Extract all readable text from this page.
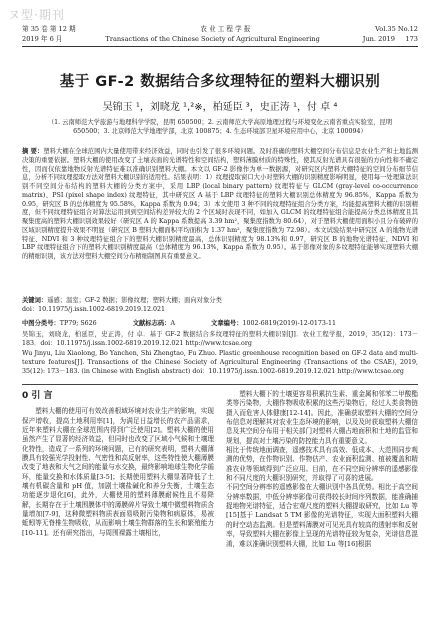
ヌ型·期刊
第 35 卷 第 12 期	农 业 工 程 学 报	Vol.35 No.12
2019 年 6 月	Transactions of the Chinese Society of Agricultural Engineering	Jun. 2019 173
基于 GF-2 数据结合多纹理特征的塑料大棚识别
吴锦玉 ¹，刘晓龙 ¹,²※，柏延臣 ³，史正涛 ¹，付 卓 ⁴
（1. 云南师范大学旅游与地理科学学院，昆明 650500；2. 云南师范大学高原地理过程与环境变化云南省重点实验室，昆明 650500；3. 北京师范大学地理学部，北京 100875；4. 生态环境部卫星环境应用中心，北京 100094）
摘 要：塑料大棚在全球范围内大量使用带来经济效益，同时也引发了很多环境问题。及时准确的塑料大棚空间分布信息是农业生产和土地监测决策的重要依据。塑料大棚的使用改变了土壤表面的光谱特性和空间结构，塑料薄膜材质的特殊性，使其反射光谱具有很强的方向性和不确定性，因而仅依靠地物反射光谱特征难以准确识别塑料大棚。本文以 GF-2 影像作为单一数据源，对研究区内塑料大棚特征的空间分布细节信息，分析不同纹理提取方法对塑料大棚识别的适用性。结果表明：1）纹理提取窗口大小对塑料大棚的识别精度影响明显，使用每一处理算法识别不同空间分布结构的塑料大棚的分类方案中，采用 LBP (local binary pattern) 纹理特征与 GLCM (gray-level co-occurrence matrix)、PSI (pixel shape index) 纹理特征，其中研究区 A 基于 LBP 纹理特征的塑料大棚识别总体精度为 96.85%，Kappa 系数为 0.95，研究区 B 的总体精度为 95.58%，Kappa 系数为 0.94；3）本文使用 3 种不同的纹理特征组合分类方案，均能提高塑料大棚的识别精度，但不同纹理特征组合对算法运用到到空间结构差异较大的 2 个区域时表现不同，如加入 GLCM 的纹理特征组合能提高分类总体精度且其聚集度高的塑料大棚识别效果较好（研究区 A 的 Kappa 系数提高 3.39 hm²，聚集度指数为 80.64），对于塑料大棚使用面积小且分布破碎的区域识别精度提升效果不明显（研究区 B 塑料大棚面积平均面积为 1.37 hm²，聚集度指数为 72.98）。本文试验结果中研究区 A 的地物光谱特征、NDVI 和 3 种纹理特征组合下的塑料大棚识别精度最高，总体识别精度为 98.13%和 0.97，研究区 B 的地物光谱特征、NDVI 和 LBP 纹理特征组合下的塑料大棚识别精度最高（总体精度为 96.13%，Kappa 系数为 0.95）。基于影像对象的多纹理特征能够实现塑料大棚的精细识别，该方法对塑料大棚空间分布精细制图具有重要意义。
关键词：遥感；温室；GF-2 数据；影像纹理；塑料大棚；面向对象分类
doi：10.11975/j.issn.1002-6819.2019.12.021
中图分类号：TP79; S626	文献标志码：A	文章编号：1002-6819(2019)-12-0173-11
吴锦玉，刘晓龙，柏延臣，史正涛，付 卓．基于 GF-2 数据结合多纹理特征的塑料大棚识别[J]．农业工程学报，2019，35(12)：173－183．doi：10.11975/j.issn.1002-6819.2019.12.021 http://www.tcsae.org
Wu Jinyu, Liu Xiaolong, Bo Yanchen, Shi Zhengtao, Fu Zhuo. Plastic greenhouse recognition based on GF-2 data and multi-texture features[J]. Transactions of the Chinese Society of Agricultural Engineering (Transactions of the CSAE), 2019, 35(12): 173－183. (in Chinese with English abstract) doi：10.11975/j.issn.1002-6819.2019.12.021 http://www.tcsae.org
0 引 言

塑料大棚的使用可有效改善根域环境对农业生产的影响，实现保产增收，提高土地利用率[1]，为满足日益增长的农产品需求，近年来塑料大棚在全球范围内得到广泛使用[2]。塑料大棚的使用虽然产生了显著的经济效益，但同时也改变了区域小气候和土壤理化特性，造成了一系列的环境问题，已有的研究表明，塑料大棚薄膜具有较强光学投射性、气密性和高反射率，这些特性使大棚薄膜改变了地表和大气之间的能量与水交换，最终影响地球生物化学循环，能量交换和水体质量[3-5]；长期使用塑料大棚显著降低了土壤有机碳含量和 pH 值，加剧土壤盐碱化和养分失衡，土壤生态功能逐步退化[6]，此外，大棚使用的塑料薄膜耐候性且不易降解，长期存在于土壤围膜体中的薄膜碎片导致土壤中微塑料物质含量增加[7-9]，这种微塑料物质表面易吸附污染物和病原体，易被蚯蚓等无脊椎生物吸收，从而影响土壤生物群落的生长和繁殖能力[10-11]。还有研究指出，与周围裸露土壤相比，

塑料大棚下的土壤更容易积累抗生素、重金属和邻苯二甲酸酯类等污染物，大棚作物吸收积累的这些污染物后，经过人类食物链摄入而危害人体健康[12-14]。因此，准确获取塑料大棚的空间分布信息对理解其对农业生态环境的影响，以及及时获取塑料大棚信息及其空间分布用于相关部门对塑料大棚占地面积和土地的监管和规划，提高对土壤污染的防控能力具有重要意义。
相比于传统地面调查，遥感技术具有高效、低成本、大范围同步观测的优势，在作物识别、作物估产、农业面积监测、植被覆盖和精准农业等领域得到广泛应用。目前，在不同空间分辨率的遥感影像和不同尺度的大棚识别研究，并取得了可喜的进展。
不同空间分辨率的遥感影像在大棚识别中各具优势。相比于高空间分辨率数据，中低分辨率影像可获得较长时间序列数据，能准确捕捉地物光谱特征，适合宏观尺度的塑料大棚提取研究，比如 Lu 等[15]基于 Landsat 5 TM 影像的光谱特征，实现大面积塑料大棚的时空动态监测。但是塑料薄膜对可见光具有较高的透射率和反射率，导致塑料大棚在影像上呈现的光谱特征较为复杂，光谱信息混淆，难以准确识别塑料大棚，比如 Lu 等[16]根据
